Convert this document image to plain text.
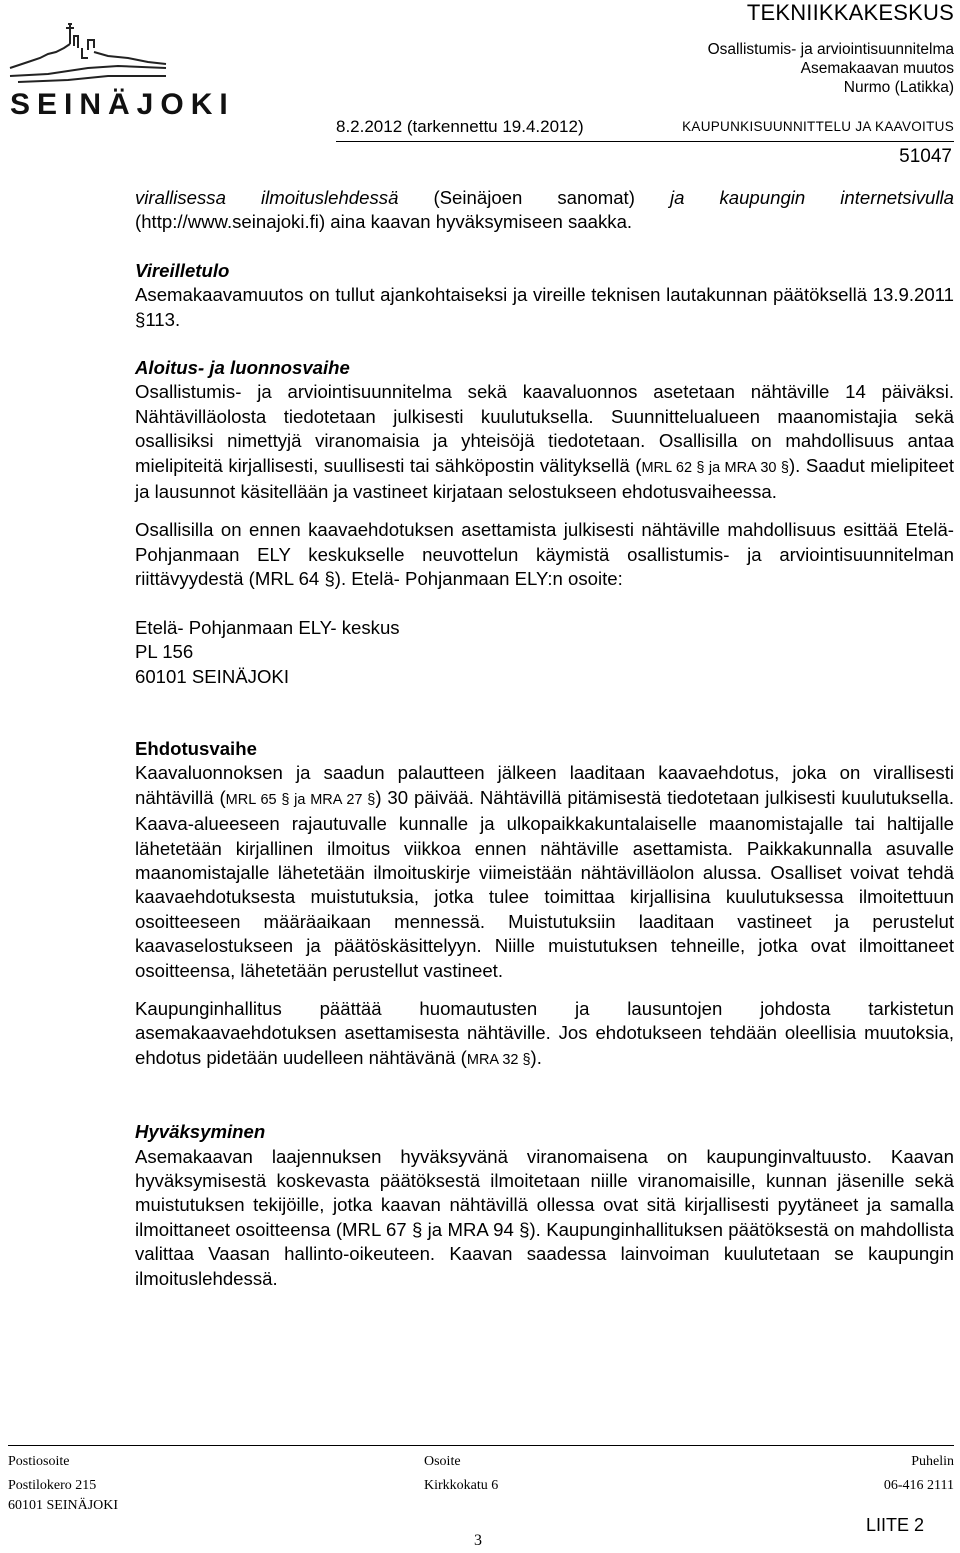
SEINÄJOKI
TEKNIIKKAKESKUS
Osallistumis- ja arviointisuunnitelma
Asemakaavan muutos
Nurmo (Latikka)
8.2.2012 (tarkennettu 19.4.2012)	KAUPUNKISUUNNITTELU JA KAAVOITUS
51047

virallisessa ilmoituslehdessä (Seinäjoen sanomat) ja kaupungin internetsivulla (http://www.seinajoki.fi) aina kaavan hyväksymiseen saakka.

Vireilletulo

Asemakaavamuutos on tullut ajankohtaiseksi ja vireille teknisen lautakunnan päätöksellä 13.9.2011 §113.

Aloitus- ja luonnosvaihe

Osallistumis- ja arviointisuunnitelma sekä kaavaluonnos asetetaan nähtäville 14 päiväksi. Nähtävilläolosta tiedotetaan julkisesti kuulutuksella. Suunnittelualueen maanomistajia sekä osallisiksi nimettyjä viranomaisia ja yhteisöjä tiedotetaan. Osallisilla on mahdollisuus antaa mielipiteitä kirjallisesti, suullisesti tai sähköpostin välityksellä (MRL 62 § ja MRA 30 §). Saadut mielipiteet ja lausunnot käsitellään ja vastineet kirjataan selostukseen ehdotusvaiheessa.

Osallisilla on ennen kaavaehdotuksen asettamista julkisesti nähtäville mahdollisuus esittää Etelä- Pohjanmaan ELY keskukselle neuvottelun käymistä osallistumis- ja arviointisuunnitelman riittävyydestä (MRL 64 §). Etelä- Pohjanmaan ELY:n osoite:

Etelä- Pohjanmaan ELY- keskus
PL 156
60101 SEINÄJOKI
Ehdotusvaihe

Kaavaluonnoksen ja saadun palautteen jälkeen laaditaan kaavaehdotus, joka on virallisesti nähtävillä (MRL 65 § ja MRA 27 §) 30 päivää. Nähtävillä pitämisestä tiedotetaan julkisesti kuulutuksella. Kaava-alueeseen rajautuvalle kunnalle ja ulkopaikkakuntalaiselle maanomistajalle tai haltijalle lähetetään kirjallinen ilmoitus viikkoa ennen nähtäville asettamista. Paikkakunnalla asuvalle maanomistajalle lähetetään ilmoituskirje viimeistään nähtävilläolon alussa. Osalliset voivat tehdä kaavaehdotuksesta muistutuksia, jotka tulee toimittaa kirjallisina kuulutuksessa ilmoitettuun osoitteeseen määräaikaan mennessä. Muistutuksiin laaditaan vastineet ja perustelut kaavaselostukseen ja päätöskäsittelyyn. Niille muistutuksen tehneille, jotka ovat ilmoittaneet osoitteensa, lähetetään perustellut vastineet.

Kaupunginhallitus päättää huomautusten ja lausuntojen johdosta tarkistetun asemakaavaehdotuksen asettamisesta nähtäville. Jos ehdotukseen tehdään oleellisia muutoksia, ehdotus pidetään uudelleen nähtävänä (MRA 32 §).

Hyväksyminen

Asemakaavan laajennuksen hyväksyvänä viranomaisena on kaupunginvaltuusto. Kaavan hyväksymisestä koskevasta päätöksestä ilmoitetaan niille viranomaisille, kunnan jäsenille sekä muistutuksen tekijöille, jotka kaavan nähtävillä ollessa ovat sitä kirjallisesti pyytäneet ja samalla ilmoittaneet osoitteensa (MRL 67 § ja MRA 94 §). Kaupunginhallituksen päätöksestä on mahdollista valittaa Vaasan hallinto-oikeuteen. Kaavan saadessa lainvoiman kuulutetaan se kaupungin ilmoituslehdessä.

Postiosoite
Postilokero 215
60101 SEINÄJOKI
Osoite
Kirkkokatu 6
Puhelin
06-416 2111
LIITE 2
3
